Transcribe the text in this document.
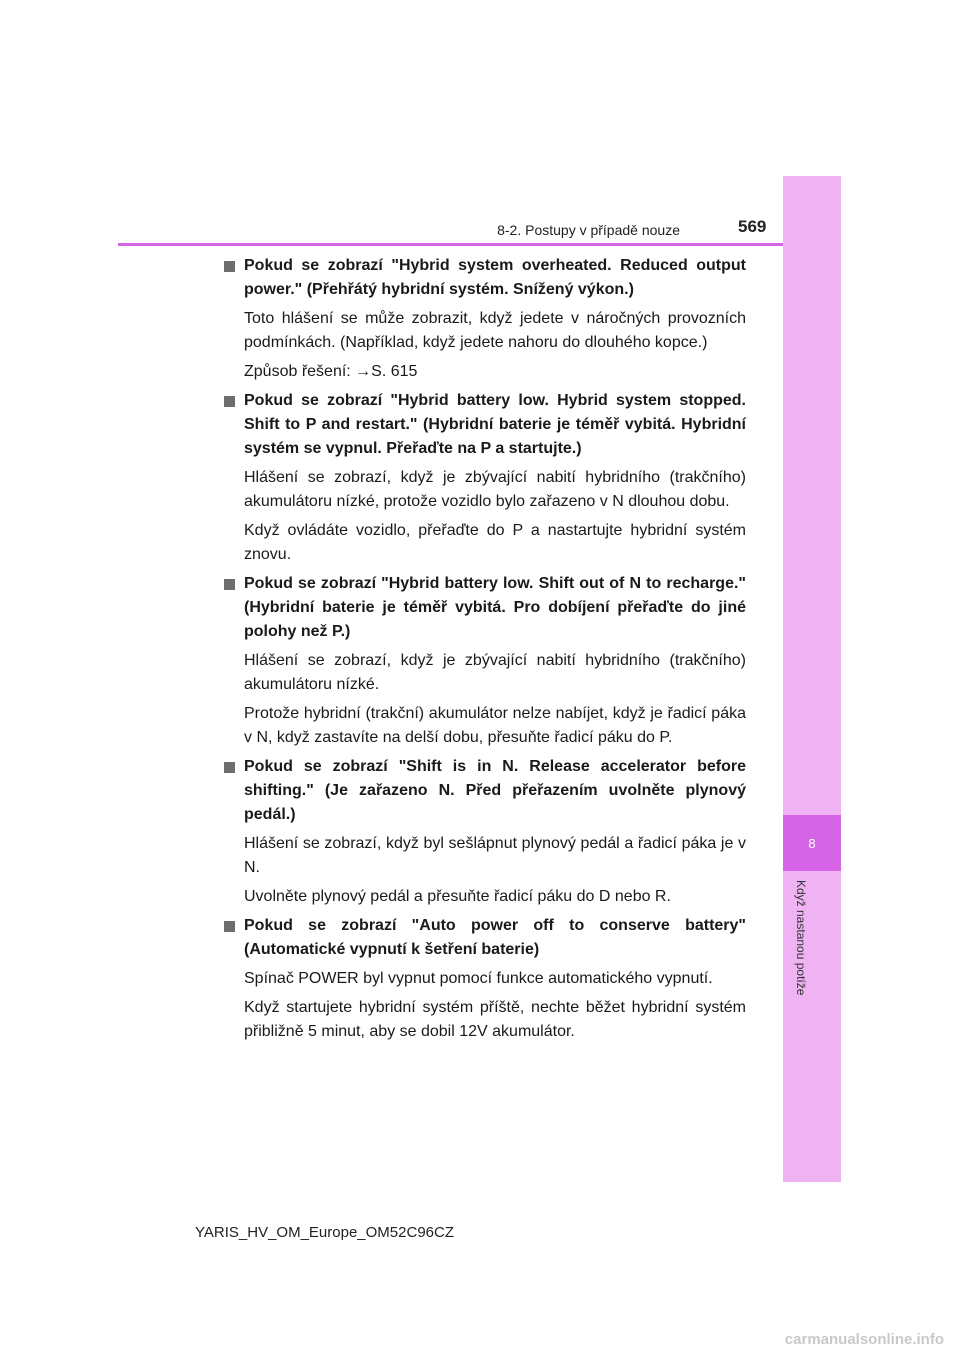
8
Když nastanou potíže
8-2. Postupy v případě nouze	569
Pokud se zobrazí "Hybrid system overheated. Reduced output power." (Přehřátý hybridní systém. Snížený výkon.)
Toto hlášení se může zobrazit, když jedete v náročných provozních podmínkách. (Například, když jedete nahoru do dlouhého kopce.)
Způsob řešení: →S. 615
Pokud se zobrazí "Hybrid battery low. Hybrid system stopped. Shift to P and restart." (Hybridní baterie je téměř vybitá. Hybridní systém se vypnul. Přeřaďte na P a startujte.)
Hlášení se zobrazí, když je zbývající nabití hybridního (trakčního) akumulátoru nízké, protože vozidlo bylo zařazeno v N dlouhou dobu.
Když ovládáte vozidlo, přeřaďte do P a nastartujte hybridní systém znovu.
Pokud se zobrazí "Hybrid battery low. Shift out of N to recharge." (Hybridní baterie je téměř vybitá. Pro dobíjení přeřaďte do jiné polohy než P.)
Hlášení se zobrazí, když je zbývající nabití hybridního (trakčního) akumulátoru nízké.
Protože hybridní (trakční) akumulátor nelze nabíjet, když je řadicí páka v N, když zastavíte na delší dobu, přesuňte řadicí páku do P.
Pokud se zobrazí "Shift is in N. Release accelerator before shifting." (Je zařazeno N. Před přeřazením uvolněte plynový pedál.)
Hlášení se zobrazí, když byl sešlápnut plynový pedál a řadicí páka je v N.
Uvolněte plynový pedál a přesuňte řadicí páku do D nebo R.
Pokud se zobrazí "Auto power off to conserve battery" (Automatické vypnutí k šetření baterie)
Spínač POWER byl vypnut pomocí funkce automatického vypnutí.
Když startujete hybridní systém příště, nechte běžet hybridní systém přibližně 5 minut, aby se dobil 12V akumulátor.
YARIS_HV_OM_Europe_OM52C96CZ
carmanualsonline.info
